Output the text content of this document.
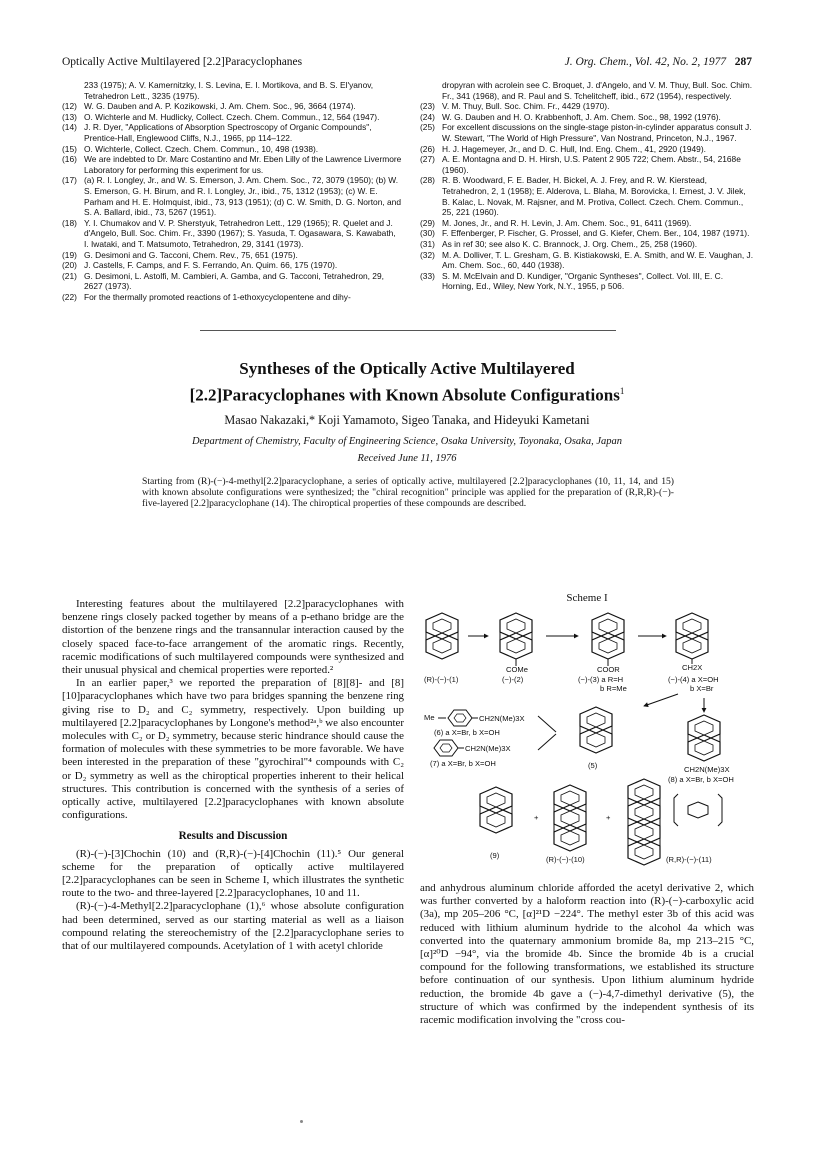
Optically Active Multilayered [2.2]Paracyclophanes	J. Org. Chem., Vol. 42, No. 2, 1977 287
233 (1975); A. V. Kamernitzky, I. S. Levina, E. I. Mortikova, and B. S. El'yanov, Tetrahedron Lett., 3235 (1975).
(12) W. G. Dauben and A. P. Kozikowski, J. Am. Chem. Soc., 96, 3664 (1974).
(13) O. Wichterle and M. Hudlicky, Collect. Czech. Chem. Commun., 12, 564 (1947).
(14) J. R. Dyer, "Applications of Absorption Spectroscopy of Organic Compounds", Prentice-Hall, Englewood Cliffs, N.J., 1965, pp 114–122.
(15) O. Wichterle, Collect. Czech. Chem. Commun., 10, 498 (1938).
(16) We are indebted to Dr. Marc Costantino and Mr. Eben Lilly of the Lawrence Livermore Laboratory for performing this experiment for us.
(17) (a) R. I. Longley, Jr., and W. S. Emerson, J. Am. Chem. Soc., 72, 3079 (1950); (b) W. S. Emerson, G. H. Birum, and R. I. Longley, Jr., ibid., 75, 1312 (1953); (c) W. E. Parham and H. E. Holmquist, ibid., 73, 913 (1951); (d) C. W. Smith, D. G. Norton, and S. A. Ballard, ibid., 73, 5267 (1951).
(18) Y. I. Chumakov and V. P. Sherstyuk, Tetrahedron Lett., 129 (1965); R. Quelet and J. d'Angelo, Bull. Soc. Chim. Fr., 3390 (1967); S. Yasuda, T. Ogasawara, S. Kawabath, I. Iwataki, and T. Matsumoto, Tetrahedron, 29, 3141 (1973).
(19) G. Desimoni and G. Tacconi, Chem. Rev., 75, 651 (1975).
(20) J. Castells, F. Camps, and F. S. Ferrando, An. Quim. 66, 175 (1970).
(21) G. Desimoni, L. Astolfi, M. Cambieri, A. Gamba, and G. Tacconi, Tetrahedron, 29, 2627 (1973).
(22) For the thermally promoted reactions of 1-ethoxycyclopentene and dihy-
dropyran with acrolein see C. Broquet, J. d'Angelo, and V. M. Thuy, Bull. Soc. Chim. Fr., 341 (1968), and R. Paul and S. Tchelitcheff, ibid., 672 (1954), respectively.
(23) V. M. Thuy, Bull. Soc. Chim. Fr., 4429 (1970).
(24) W. G. Dauben and H. O. Krabbenhoft, J. Am. Chem. Soc., 98, 1992 (1976).
(25) For excellent discussions on the single-stage piston-in-cylinder apparatus consult J. W. Stewart, "The World of High Pressure", Van Nostrand, Princeton, N.J., 1967.
(26) H. J. Hagemeyer, Jr., and D. C. Hull, Ind. Eng. Chem., 41, 2920 (1949).
(27) A. E. Montagna and D. H. Hirsh, U.S. Patent 2 905 722; Chem. Abstr., 54, 2168e (1960).
(28) R. B. Woodward, F. E. Bader, H. Bickel, A. J. Frey, and R. W. Kierstead, Tetrahedron, 2, 1 (1958); E. Alderova, L. Blaha, M. Borovicka, I. Ernest, J. V. Jilek, B. Kalac, L. Novak, M. Rajsner, and M. Protiva, Collect. Czech. Chem. Commun., 25, 221 (1960).
(29) M. Jones, Jr., and R. H. Levin, J. Am. Chem. Soc., 91, 6411 (1969).
(30) F. Effenberger, P. Fischer, G. Prossel, and G. Kiefer, Chem. Ber., 104, 1987 (1971).
(31) As in ref 30; see also K. C. Brannock, J. Org. Chem., 25, 258 (1960).
(32) M. A. Dolliver, T. L. Gresham, G. B. Kistiakowski, E. A. Smith, and W. E. Vaughan, J. Am. Chem. Soc., 60, 440 (1938).
(33) S. M. McElvain and D. Kundiger, "Organic Syntheses", Collect. Vol. III, E. C. Horning, Ed., Wiley, New York, N.Y., 1955, p 506.
Syntheses of the Optically Active Multilayered
[2.2]Paracyclophanes with Known Absolute Configurations$^1$
Masao Nakazaki,* Koji Yamamoto, Sigeo Tanaka, and Hideyuki Kametani
Department of Chemistry, Faculty of Engineering Science, Osaka University, Toyonaka, Osaka, Japan
Received June 11, 1976
Starting from (R)-(−)-4-methyl[2.2]paracyclophane, a series of optically active, multilayered [2.2]paracyclophanes (10, 11, 14, and 15) with known absolute configurations were synthesized; the "chiral recognition" principle was applied for the preparation of (R,R,R)-(−)-five-layered [2.2]paracyclophane (14). The chiroptical properties of these compounds are described.

Interesting features about the multilayered [2.2]paracyclophanes with benzene rings closely packed together by means of a p-ethano bridge are the distortion of the benzene rings and the transannular interaction caused by the closely spaced face-to-face arrangement of the aromatic rings. Recently, racemic modifications of such multilayered compounds were synthesized and their unusual physical and chemical properties were reported.²

In an earlier paper,³ we reported the preparation of [8][8]- and [8][10]paracyclophanes which have two para bridges spanning the benzene ring giving rise to D₂ and C₂ symmetry, respectively. Upon building up multilayered [2.2]paracyclophanes by Longone's method²ᵃ,ᵇ we also encounter molecules with C₂ or D₂ symmetry, because steric hindrance should cause the formation of molecules with these symmetries to be more favorable. We have been interested in the preparation of these "gyrochiral"⁴ compounds with C₂ or D₂ symmetry as well as the chiroptical properties inherent to their helical structures. This contribution is concerned with the synthesis of a series of optically active, multilayered [2.2]paracyclophanes with known absolute configurations.

Results and Discussion

(R)-(−)-[3]Chochin (10) and (R,R)-(−)-[4]Chochin (11).⁵ Our general scheme for the preparation of optically active multilayered [2.2]paracyclophanes can be seen in Scheme I, which illustrates the synthetic route to the two- and three-layered [2.2]paracyclophanes, 10 and 11.

(R)-(−)-4-Methyl[2.2]paracyclophane (1),⁶ whose absolute configuration had been determined, served as our starting material as well as a liaison compound relating the stereochemistry of the [2.2]paracyclophane series to that of our multilayered compounds. Acetylation of 1 with acetyl chloride

Scheme I
COMe	COOR	CH2X
(R)-(−)-(1)	(−)-(2)	(−)-(3) a R=H
b R=Me
(−)-(4) a X=OH
b X=Br
Me	CH2N(Me)3X
(6) a X=Br, b X=OH
CH2N(Me)3X
(7) a X=Br, b X=OH	(5)	CH2N(Me)3X
(8) a X=Br, b X=OH
+	+
(9)	(R)-(−)-(10)	(R,R)-(−)-(11)

and anhydrous aluminum chloride afforded the acetyl derivative 2, which was further converted by a haloform reaction into (R)-(−)-carboxylic acid (3a), mp 205–206 °C, [α]²¹D −224°. The methyl ester 3b of this acid was reduced with lithium aluminum hydride to the alcohol 4a which was converted into the quaternary ammonium bromide 8a, mp 213–215 °C, [α]²⁰D −94°, via the bromide 4b. Since the bromide 4b is a crucial compound for the following transformations, we established its structure before continuation of our synthesis. Upon lithium aluminum hydride reduction, the bromide 4b gave a (−)-4,7-dimethyl derivative (5), the structure of which was confirmed by the independent synthesis of its racemic modification involving the "cross cou-
